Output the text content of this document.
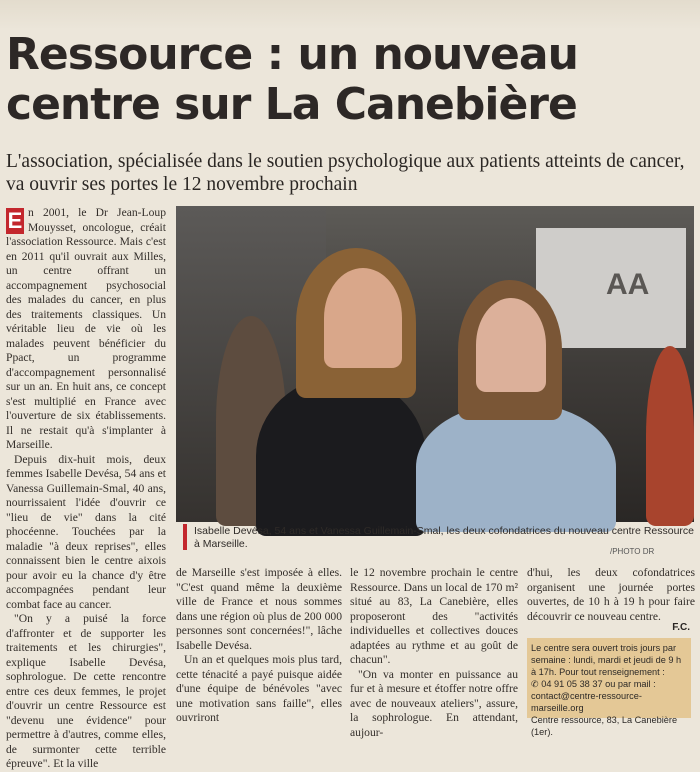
Ressource : un nouveau
centre sur La Canebière

L'association, spécialisée dans le soutien psychologique aux patients atteints de cancer, va ouvrir ses portes le 12 novembre prochain

E n 2001, le Dr Jean-Loup Mouysset, oncologue, créait l'association Ressource. Mais c'est en 2011 qu'il ouvrait aux Milles, un centre offrant un accompagnement psychosocial des malades du cancer, en plus des traitements classiques. Un véritable lieu de vie où les malades peuvent bénéficier du Ppact, un programme d'accompagnement personnalisé sur un an. En huit ans, ce concept s'est multiplié en France avec l'ouverture de six établissements. Il ne restait qu'à s'implanter à Marseille.

Depuis dix-huit mois, deux femmes Isabelle Devésa, 54 ans et Vanessa Guillemain-Smal, 40 ans, nourrissaient l'idée d'ouvrir ce "lieu de vie" dans la cité phocéenne. Touchées par la maladie "à deux reprises", elles connaissent bien le centre aixois pour avoir eu la chance d'y être accompagnées pendant leur combat face au cancer.

"On y a puisé la force d'affronter et de supporter les traitements et les chirurgies", explique Isabelle Devésa, sophrologue. De cette rencontre entre ces deux femmes, le projet d'ouvrir un centre Ressource est "devenu une évidence" pour permettre à d'autres, comme elles, de surmonter cette terrible épreuve". Et la ville

AA
Isabelle Devésa, 54 ans et Vanessa Guillemain-Smal, les deux cofondatrices du nouveau centre Ressource à Marseille.
/PHOTO DR

de Marseille s'est imposée à elles. "C'est quand même la deuxième ville de France et nous sommes dans une région où plus de 200 000 personnes sont concernées!", lâche Isabelle Devésa.

Un an et quelques mois plus tard, cette ténacité a payé puisque aidée d'une équipe de bénévoles "avec une motivation sans faille", elles ouvriront

le 12 novembre prochain le centre Ressource. Dans un local de 170 m² situé au 83, La Canebière, elles proposeront des "activités individuelles et collectives douces adaptées au rythme et au goût de chacun".

"On va monter en puissance au fur et à mesure et étoffer notre offre avec de nouveaux ateliers", assure, la sophrologue. En attendant, aujour-

d'hui, les deux cofondatrices organisent une journée portes ouvertes, de 10 h à 19 h pour faire découvrir ce nouveau centre.

F.C.
Le centre sera ouvert trois jours par semaine : lundi, mardi et jeudi de 9 h à 17h. Pour tout renseignement :
✆ 04 91 05 38 37 ou par mail :
contact@centre-ressource-marseille.org
Centre ressource, 83, La Canebière (1er).
